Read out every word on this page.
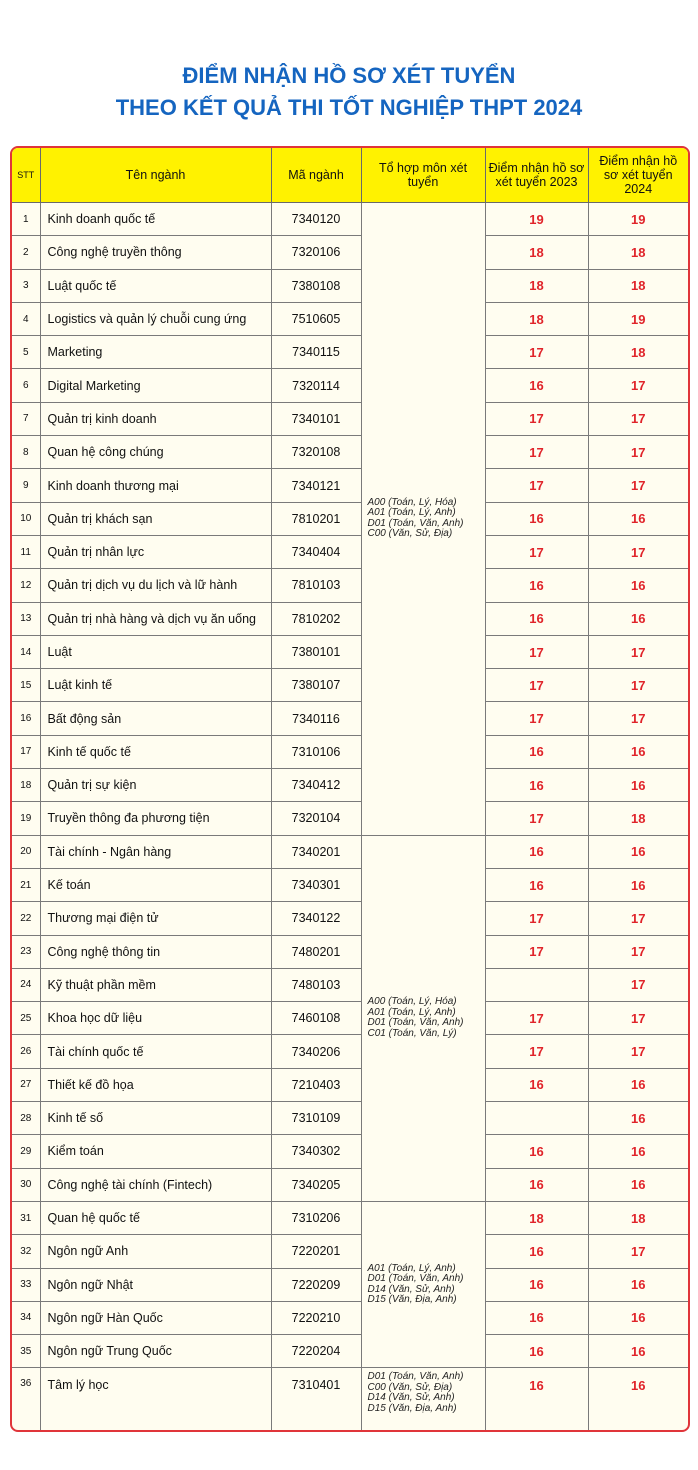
ĐIỂM NHẬN HỒ SƠ XÉT TUYỂN
THEO KẾT QUẢ THI TỐT NGHIỆP THPT 2024
STT	Tên ngành	Mã ngành	Tổ hợp môn xét tuyển	Điểm nhận hồ sơ xét tuyển 2023	Điểm nhận hồ sơ xét tuyển 2024
1	Kinh doanh quốc tế	7340120	A00 (Toán, Lý, Hóa)
A01 (Toán, Lý, Anh)
D01 (Toán, Văn, Anh)
C00 (Văn, Sử, Địa)	19	19
2	Công nghệ truyền thông	7320106		18	18
3	Luật quốc tế	7380108		18	18
4	Logistics và quản lý chuỗi cung ứng	7510605		18	19
5	Marketing	7340115		17	18
6	Digital Marketing	7320114		16	17
7	Quản trị kinh doanh	7340101		17	17
8	Quan hệ công chúng	7320108		17	17
9	Kinh doanh thương mại	7340121		17	17
10	Quản trị khách sạn	7810201		16	16
11	Quản trị nhân lực	7340404		17	17
12	Quản trị dịch vụ du lịch và lữ hành	7810103		16	16
13	Quản trị nhà hàng và dịch vụ ăn uống	7810202		16	16
14	Luật	7380101		17	17
15	Luật kinh tế	7380107		17	17
16	Bất động sản	7340116		17	17
17	Kinh tế quốc tế	7310106		16	16
18	Quản trị sự kiện	7340412		16	16
19	Truyền thông đa phương tiện	7320104		17	18
20	Tài chính - Ngân hàng	7340201	A00 (Toán, Lý, Hóa)
A01 (Toán, Lý, Anh)
D01 (Toán, Văn, Anh)
C01 (Toán, Văn, Lý)	16	16
21	Kế toán	7340301		16	16
22	Thương mại điện tử	7340122		17	17
23	Công nghệ thông tin	7480201		17	17
24	Kỹ thuật phần mềm	7480103			17
25	Khoa học dữ liệu	7460108		17	17
26	Tài chính quốc tế	7340206		17	17
27	Thiết kế đồ họa	7210403		16	16
28	Kinh tế số	7310109			16
29	Kiểm toán	7340302		16	16
30	Công nghệ tài chính (Fintech)	7340205		16	16
31	Quan hệ quốc tế	7310206	A01 (Toán, Lý, Anh)
D01 (Toán, Văn, Anh)
D14 (Văn, Sử, Anh)
D15 (Văn, Địa, Anh)	18	18
32	Ngôn ngữ Anh	7220201		16	17
33	Ngôn ngữ Nhật	7220209		16	16
34	Ngôn ngữ Hàn Quốc	7220210		16	16
35	Ngôn ngữ Trung Quốc	7220204		16	16
36	Tâm lý học	7310401	D01 (Toán, Văn, Anh)
C00 (Văn, Sử, Địa)
D14 (Văn, Sử, Anh)
D15 (Văn, Địa, Anh)	16	16
